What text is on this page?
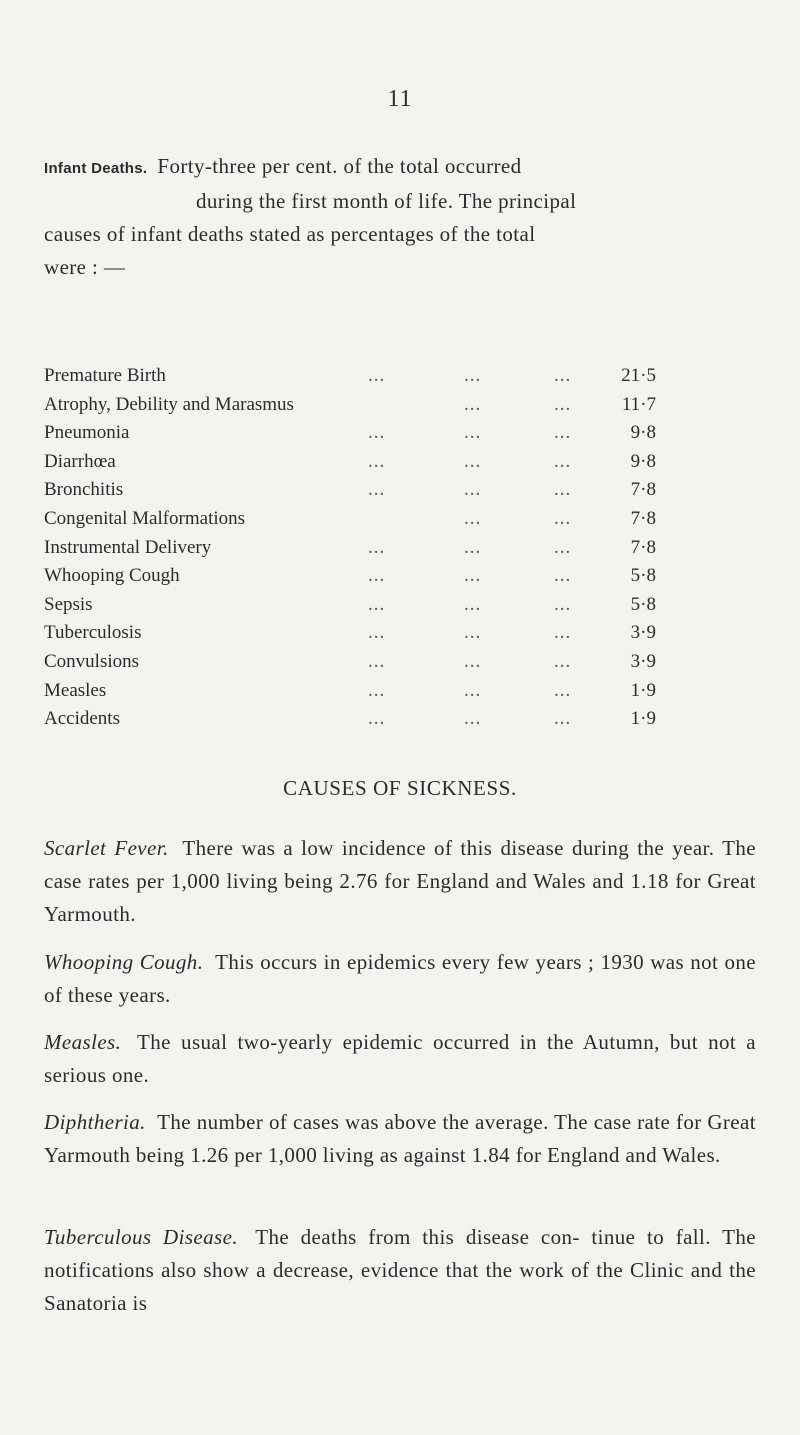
11
Infant Deaths. Forty-three per cent. of the total occurred
during the first month of life. The principal
causes of infant deaths stated as percentages of the total
were : —
Premature Birth	...	...	...	21·5
Atrophy, Debility and Marasmus	...	...	11·7
Pneumonia	...	...	...	9·8
Diarrhœa	...	...	...	9·8
Bronchitis	...	...	...	7·8
Congenital Malformations	...	...	7·8
Instrumental Delivery	...	...	...	7·8
Whooping Cough	...	...	...	5·8
Sepsis	...	...	...	5·8
Tuberculosis	...	...	...	3·9
Convulsions	...	...	...	3·9
Measles	...	...	...	1·9
Accidents	...	...	...	1·9
CAUSES OF SICKNESS.

Scarlet Fever. There was a low incidence of this disease during the year. The case rates per 1,000 living being 2.76 for England and Wales and 1.18 for Great Yarmouth.

Whooping Cough. This occurs in epidemics every few years ; 1930 was not one of these years.

Measles. The usual two-yearly epidemic occurred in the Autumn, but not a serious one.

Diphtheria. The number of cases was above the average. The case rate for Great Yarmouth being 1.26 per 1,000 living as against 1.84 for England and Wales.

Tuberculous Disease. The deaths from this disease con- tinue to fall. The notifications also show a decrease, evidence that the work of the Clinic and the Sanatoria is
